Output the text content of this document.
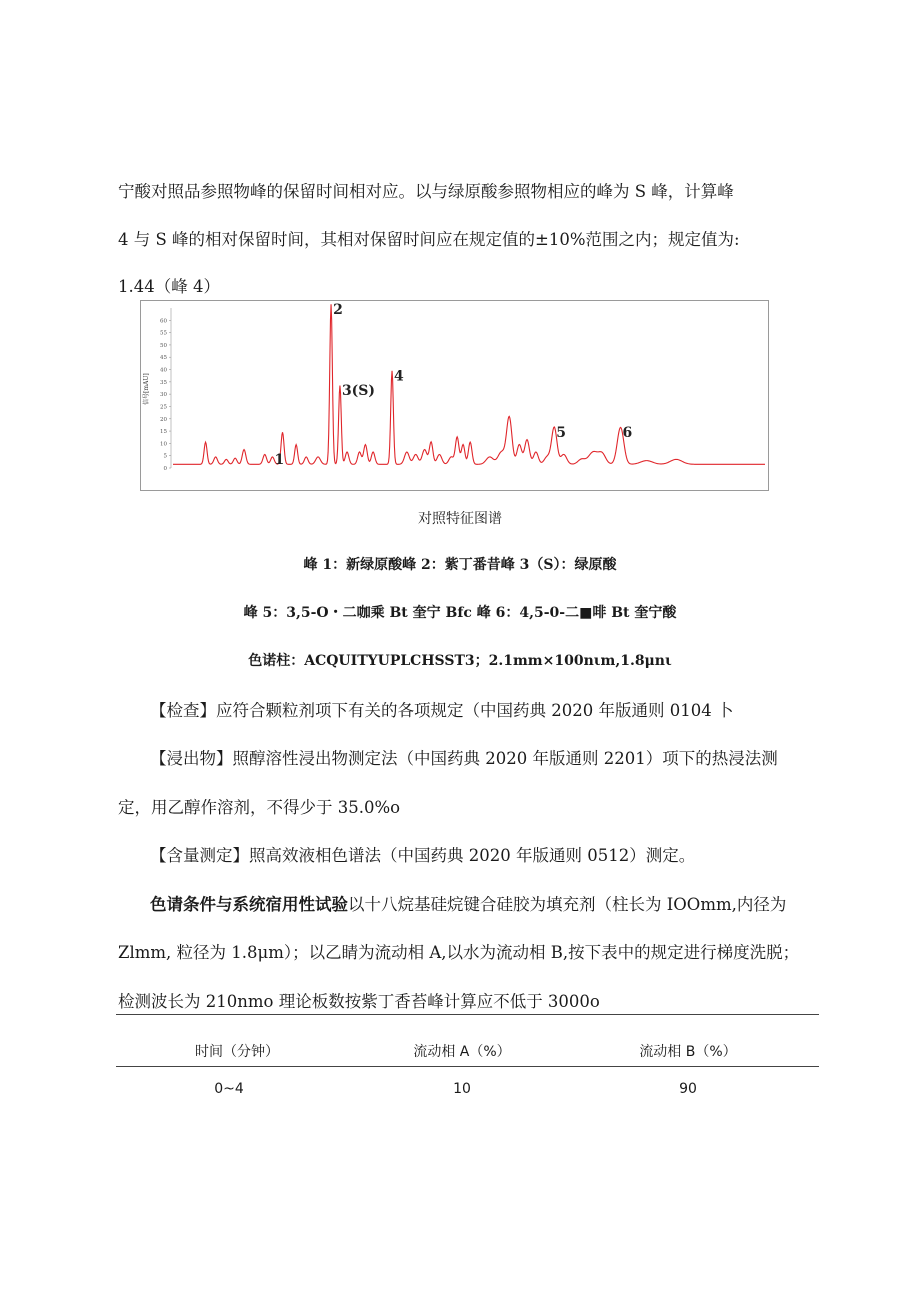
宁酸对照品参照物峰的保留时间相对应。以与绿原酸参照物相应的峰为 S 峰，计算峰
4 与 S 峰的相对保留时间，其相对保留时间应在规定值的±10%范围之内；规定值为:
1.44（峰 4）
0
5
10
15
20
25
30
35
40
45
50
55
60
1
2
3(S)
4
5	6
信号[mAU]
对照特征图谱
峰 1：新绿原酸峰 2：紫丁番昔峰 3（S）：绿原酸
峰 5：3,5-O・二咖乘 Bt 奎宁 Bfc 峰 6：4,5-0-二■啡 Bt 奎宁酸
色诺柱：ACQUITYUPLCHSST3；2.1mm×100nιm,1.8μnι
【检查】应符合颗粒剂项下有关的各项规定（中国药典 2020 年版通则 0104 卜
【浸出物】照醇溶性浸出物测定法（中国药典 2020 年版通则 2201）项下的热浸法测
定，用乙醇作溶剂，不得少于 35.0%o
【含量测定】照高效液相色谱法（中国药典 2020 年版通则 0512）测定。
色请条件与系统宿用性试验以十八烷基硅烷键合硅胶为填充剂（柱长为 IOOmm,内径为
Zlmm, 粒径为 1.8μm）；以乙睛为流动相 A,以水为流动相 B,按下表中的规定进行梯度洗脱；
检测波长为 210nmo 理论板数按紫丁香苔峰计算应不低于 3000o
时间（分钟）	流动相 A（%）	流动相 B（%）
0~4	10	90
